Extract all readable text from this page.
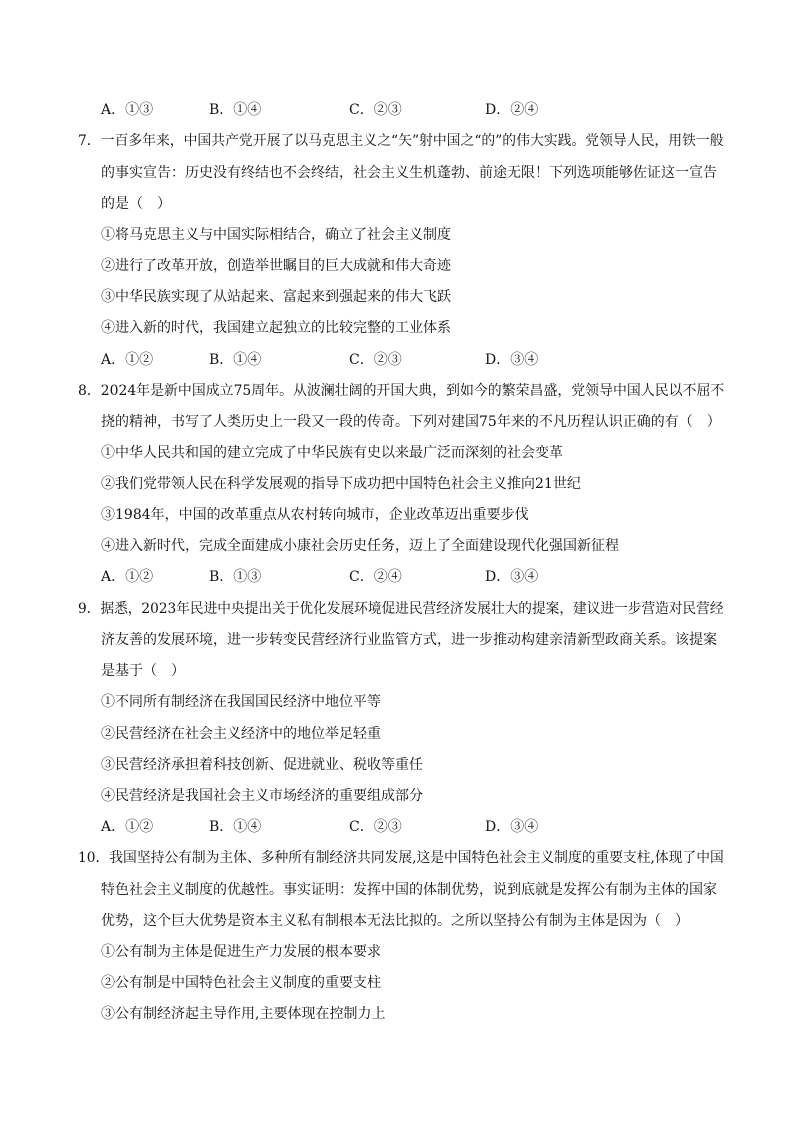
A．①③	B．①④	C．②③	D．②④
7．一百多年来，中国共产党开展了以马克思主义之“矢”射中国之“的”的伟大实践。党领导人民，用铁一般
的事实宣告：历史没有终结也不会终结，社会主义生机蓬勃、前途无限！下列选项能够佐证这一宣告
的是（　）
①将马克思主义与中国实际相结合，确立了社会主义制度
②进行了改革开放，创造举世瞩目的巨大成就和伟大奇迹
③中华民族实现了从站起来、富起来到强起来的伟大飞跃
④进入新的时代，我国建立起独立的比较完整的工业体系
A．①②	B．①④	C．②③	D．③④
8．2024年是新中国成立75周年。从波澜壮阔的开国大典，到如今的繁荣昌盛，党领导中国人民以不屈不
挠的精神，书写了人类历史上一段又一段的传奇。下列对建国75年来的不凡历程认识正确的有（　）
①中华人民共和国的建立完成了中华民族有史以来最广泛而深刻的社会变革
②我们党带领人民在科学发展观的指导下成功把中国特色社会主义推向21世纪
③1984年，中国的改革重点从农村转向城市，企业改革迈出重要步伐
④进入新时代，完成全面建成小康社会历史任务，迈上了全面建设现代化强国新征程
A．①②	B．①③	C．②④	D．③④
9．据悉，2023年民进中央提出关于优化发展环境促进民营经济发展壮大的提案，建议进一步营造对民营经
济友善的发展环境，进一步转变民营经济行业监管方式，进一步推动构建亲清新型政商关系。该提案
是基于（　）
①不同所有制经济在我国国民经济中地位平等
②民营经济在社会主义经济中的地位举足轻重
③民营经济承担着科技创新、促进就业、税收等重任
④民营经济是我国社会主义市场经济的重要组成部分
A．①②	B．①④	C．②③	D．③④
10．我国坚持公有制为主体、多种所有制经济共同发展,这是中国特色社会主义制度的重要支柱,体现了中国
特色社会主义制度的优越性。事实证明：发挥中国的体制优势，说到底就是发挥公有制为主体的国家
优势，这个巨大优势是资本主义私有制根本无法比拟的。之所以坚持公有制为主体是因为（　）
①公有制为主体是促进生产力发展的根本要求
②公有制是中国特色社会主义制度的重要支柱
③公有制经济起主导作用,主要体现在控制力上
